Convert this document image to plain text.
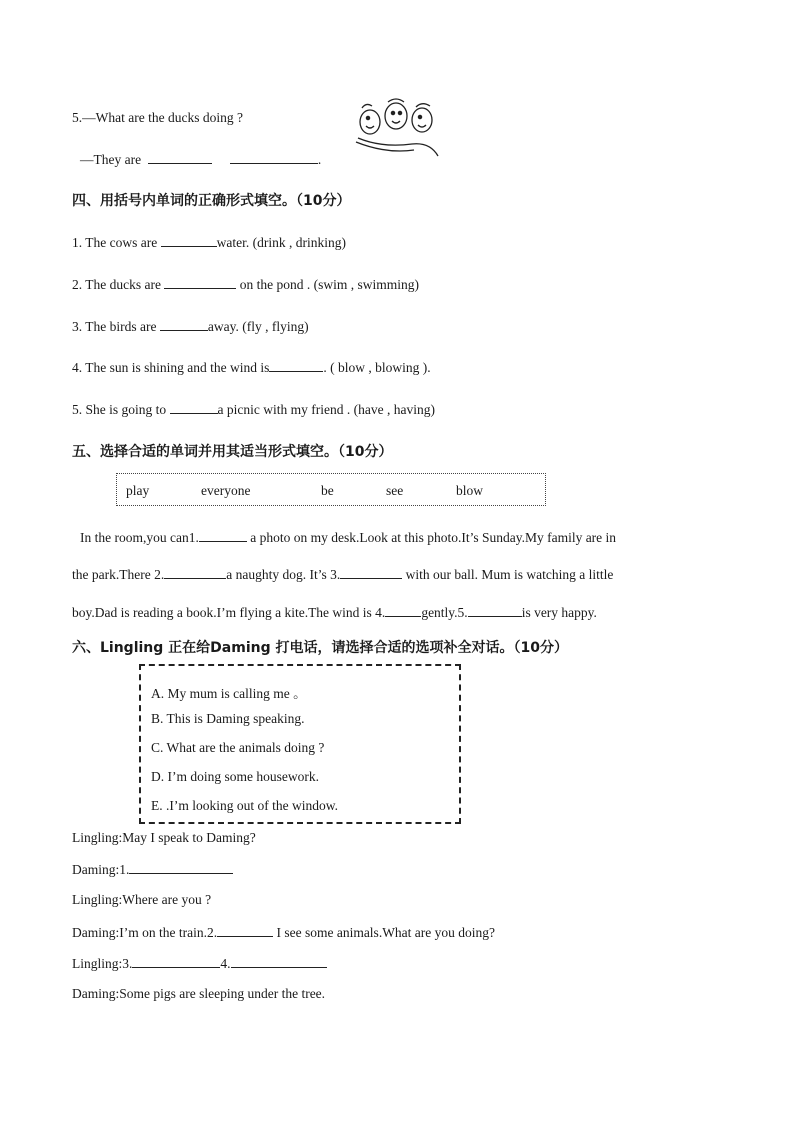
5.—What are the ducks doing ?
—They are	.
四、用括号内单词的正确形式填空。（10分）
1. The cows are	water. (drink , drinking)
2. The ducks are	on the pond . (swim , swimming)
3. The birds are	away. (fly , flying)
4. The sun is shining and the wind is	. ( blow , blowing ).
5. She is going to	a picnic with my friend . (have , having)
五、选择合适的单词并用其适当形式填空。（10分）
play	everyone	be	see	blow
In the room,you can1.	a photo on my desk.Look at this photo.It’s Sunday.My family are in
the park.There 2.	a naughty dog. It’s 3.	with our ball. Mum is watching a little
boy.Dad is reading a book.I’m flying a kite.The wind is 4.	gently.5.	is very happy.
六、Lingling 正在给Daming 打电话，请选择合适的选项补全对话。（10分）
A. My mum is calling me 。
B. This is Daming speaking.
C. What are the animals doing ?
D. I’m doing some housework.
E. .I’m looking out of the window.
Lingling:May I speak to Daming?
Daming:1.
Lingling:Where are you ?
Daming:I’m on the train.2.	I see some animals.What are you doing?
Lingling:3.	4.
Daming:Some pigs are sleeping under the tree.
